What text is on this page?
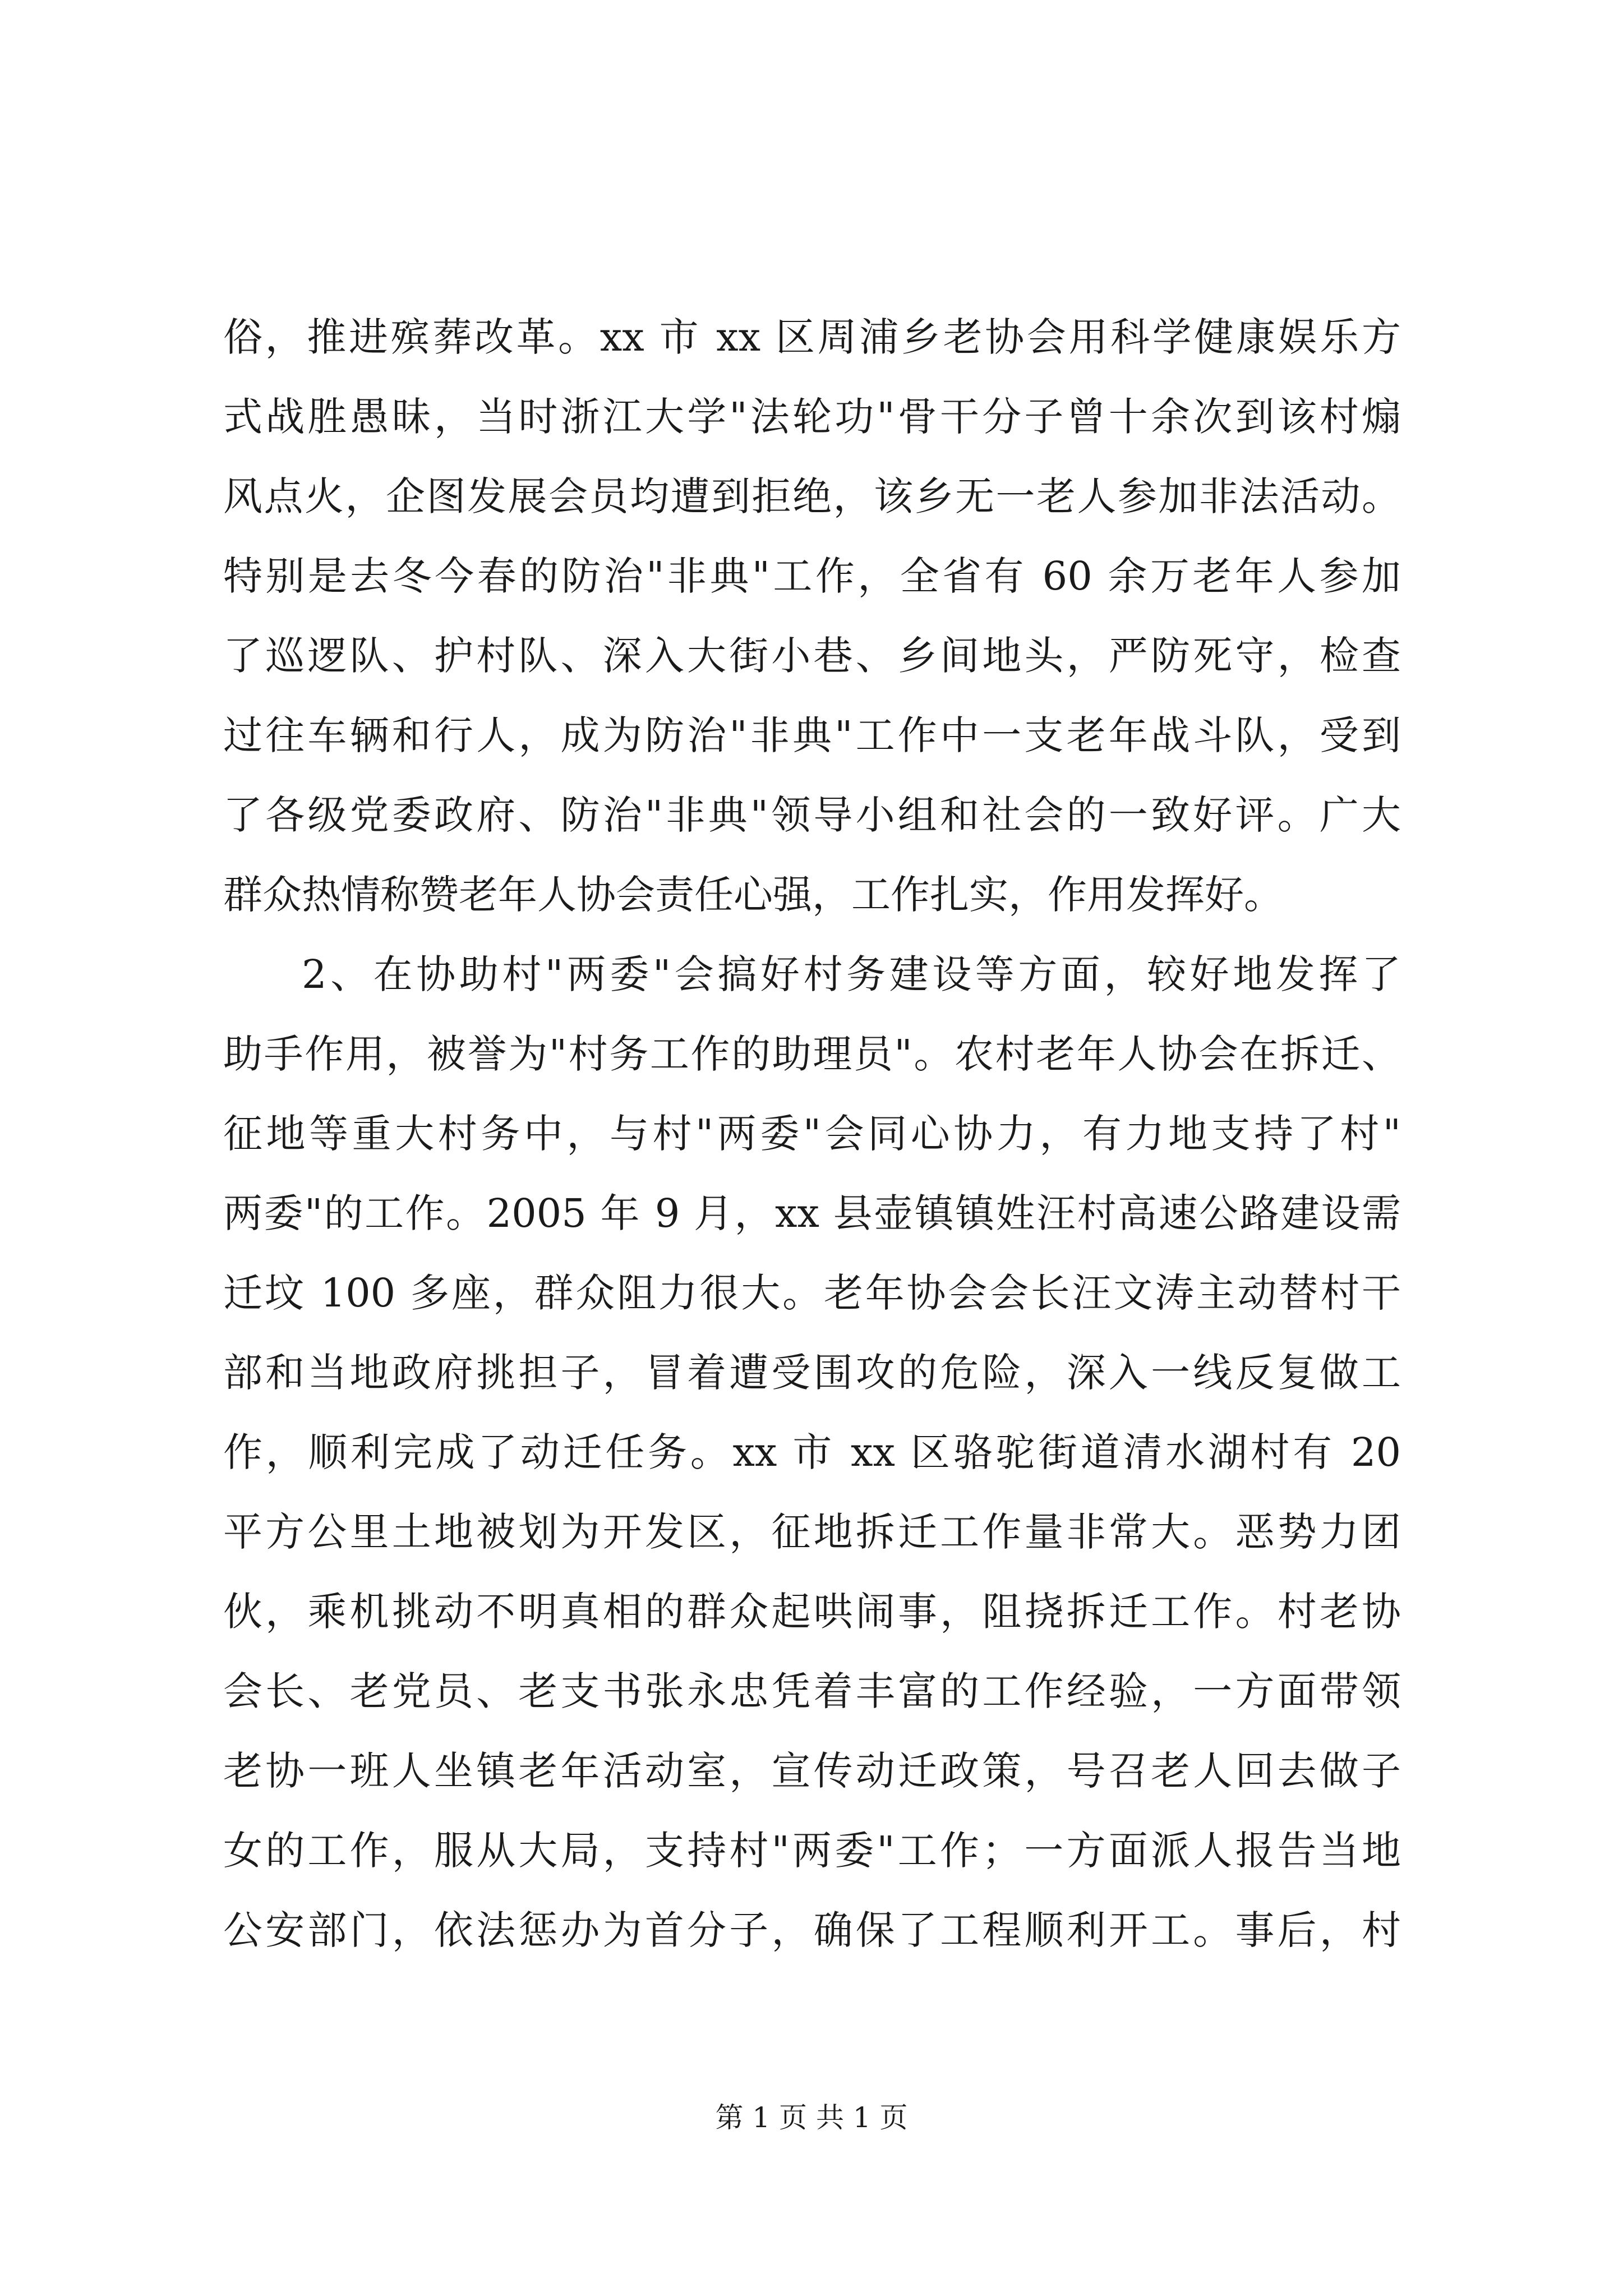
俗，推进殡葬改革。xx 市 xx 区周浦乡老协会用科学健康娱乐方
式战胜愚昧，当时浙江大学"法轮功"骨干分子曾十余次到该村煽
风点火，企图发展会员均遭到拒绝，该乡无一老人参加非法活动。
特别是去冬今春的防治"非典"工作，全省有 60 余万老年人参加
了巡逻队、护村队、深入大街小巷、乡间地头，严防死守，检查
过往车辆和行人，成为防治"非典"工作中一支老年战斗队，受到
了各级党委政府、防治"非典"领导小组和社会的一致好评。广大
群众热情称赞老年人协会责任心强，工作扎实，作用发挥好。
2、在协助村"两委"会搞好村务建设等方面，较好地发挥了
助手作用，被誉为"村务工作的助理员"。农村老年人协会在拆迁、
征地等重大村务中，与村"两委"会同心协力，有力地支持了村"
两委"的工作。2005 年 9 月，xx 县壶镇镇姓汪村高速公路建设需
迁坟 100 多座，群众阻力很大。老年协会会长汪文涛主动替村干
部和当地政府挑担子，冒着遭受围攻的危险，深入一线反复做工
作，顺利完成了动迁任务。xx 市 xx 区骆驼街道清水湖村有 20
平方公里土地被划为开发区，征地拆迁工作量非常大。恶势力团
伙，乘机挑动不明真相的群众起哄闹事，阻挠拆迁工作。村老协
会长、老党员、老支书张永忠凭着丰富的工作经验，一方面带领
老协一班人坐镇老年活动室，宣传动迁政策，号召老人回去做子
女的工作，服从大局，支持村"两委"工作；一方面派人报告当地
公安部门，依法惩办为首分子，确保了工程顺利开工。事后，村
第 1 页 共 1 页
